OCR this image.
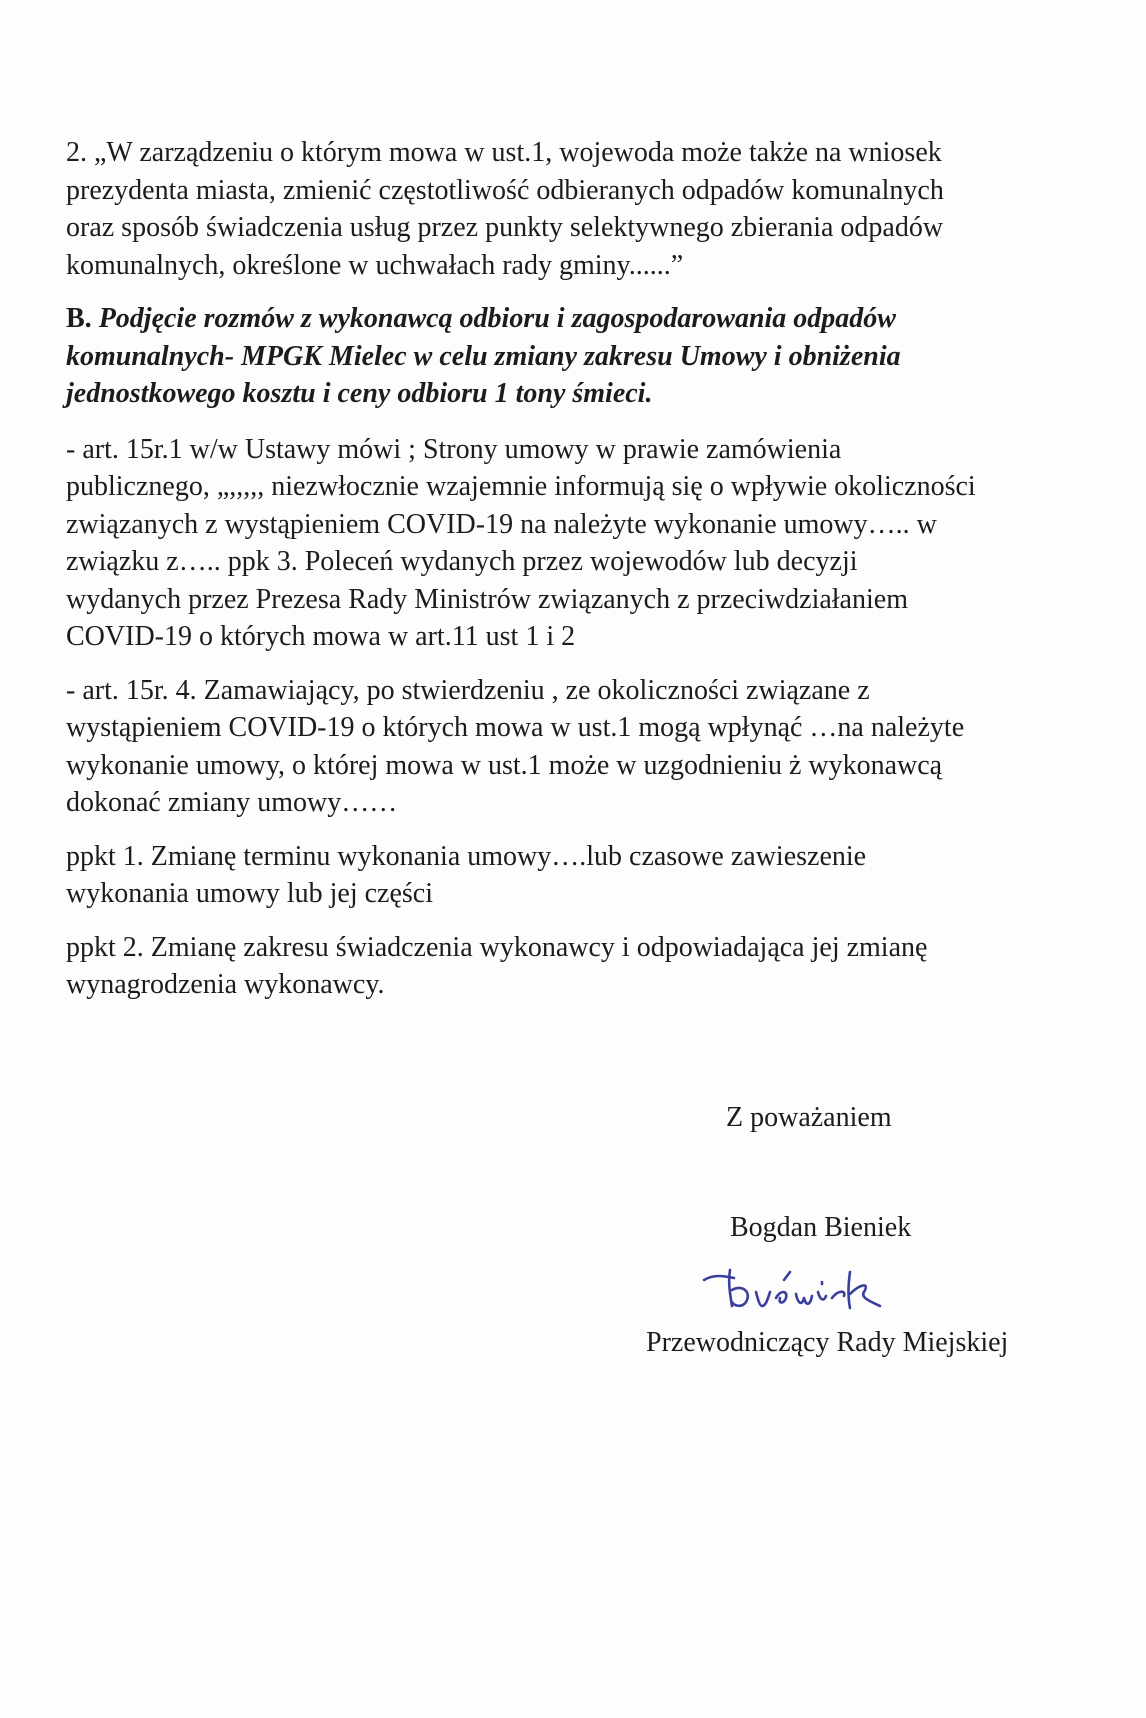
2. „W zarządzeniu o którym mowa w ust.1, wojewoda może także na wniosek
prezydenta miasta, zmienić częstotliwość odbieranych odpadów komunalnych
oraz sposób świadczenia usług przez punkty selektywnego zbierania odpadów
komunalnych, określone w uchwałach rady gminy......”

B. Podjęcie rozmów z wykonawcą odbioru i zagospodarowania odpadów
komunalnych- MPGK Mielec w celu zmiany zakresu Umowy i obniżenia
jednostkowego kosztu i ceny odbioru 1 tony śmieci.

- art. 15r.1 w/w Ustawy mówi ; Strony umowy w prawie zamówienia
publicznego, „,,,,, niezwłocznie wzajemnie informują się o wpływie okoliczności
związanych z wystąpieniem COVID-19 na należyte wykonanie umowy….. w
związku z….. ppk 3. Poleceń wydanych przez wojewodów lub decyzji
wydanych przez Prezesa Rady Ministrów związanych z przeciwdziałaniem
COVID-19 o których mowa w art.11 ust 1 i 2

- art. 15r. 4. Zamawiający, po stwierdzeniu , ze okoliczności związane z
wystąpieniem COVID-19 o których mowa w ust.1 mogą wpłynąć …na należyte
wykonanie umowy, o której mowa w ust.1 może w uzgodnieniu ż wykonawcą
dokonać zmiany umowy……

ppkt 1. Zmianę terminu wykonania umowy….lub czasowe zawieszenie
wykonania umowy lub jej części

ppkt 2. Zmianę zakresu świadczenia wykonawcy i odpowiadająca jej zmianę
wynagrodzenia wykonawcy.

Z poważaniem
Bogdan Bieniek
Przewodniczący Rady Miejskiej
